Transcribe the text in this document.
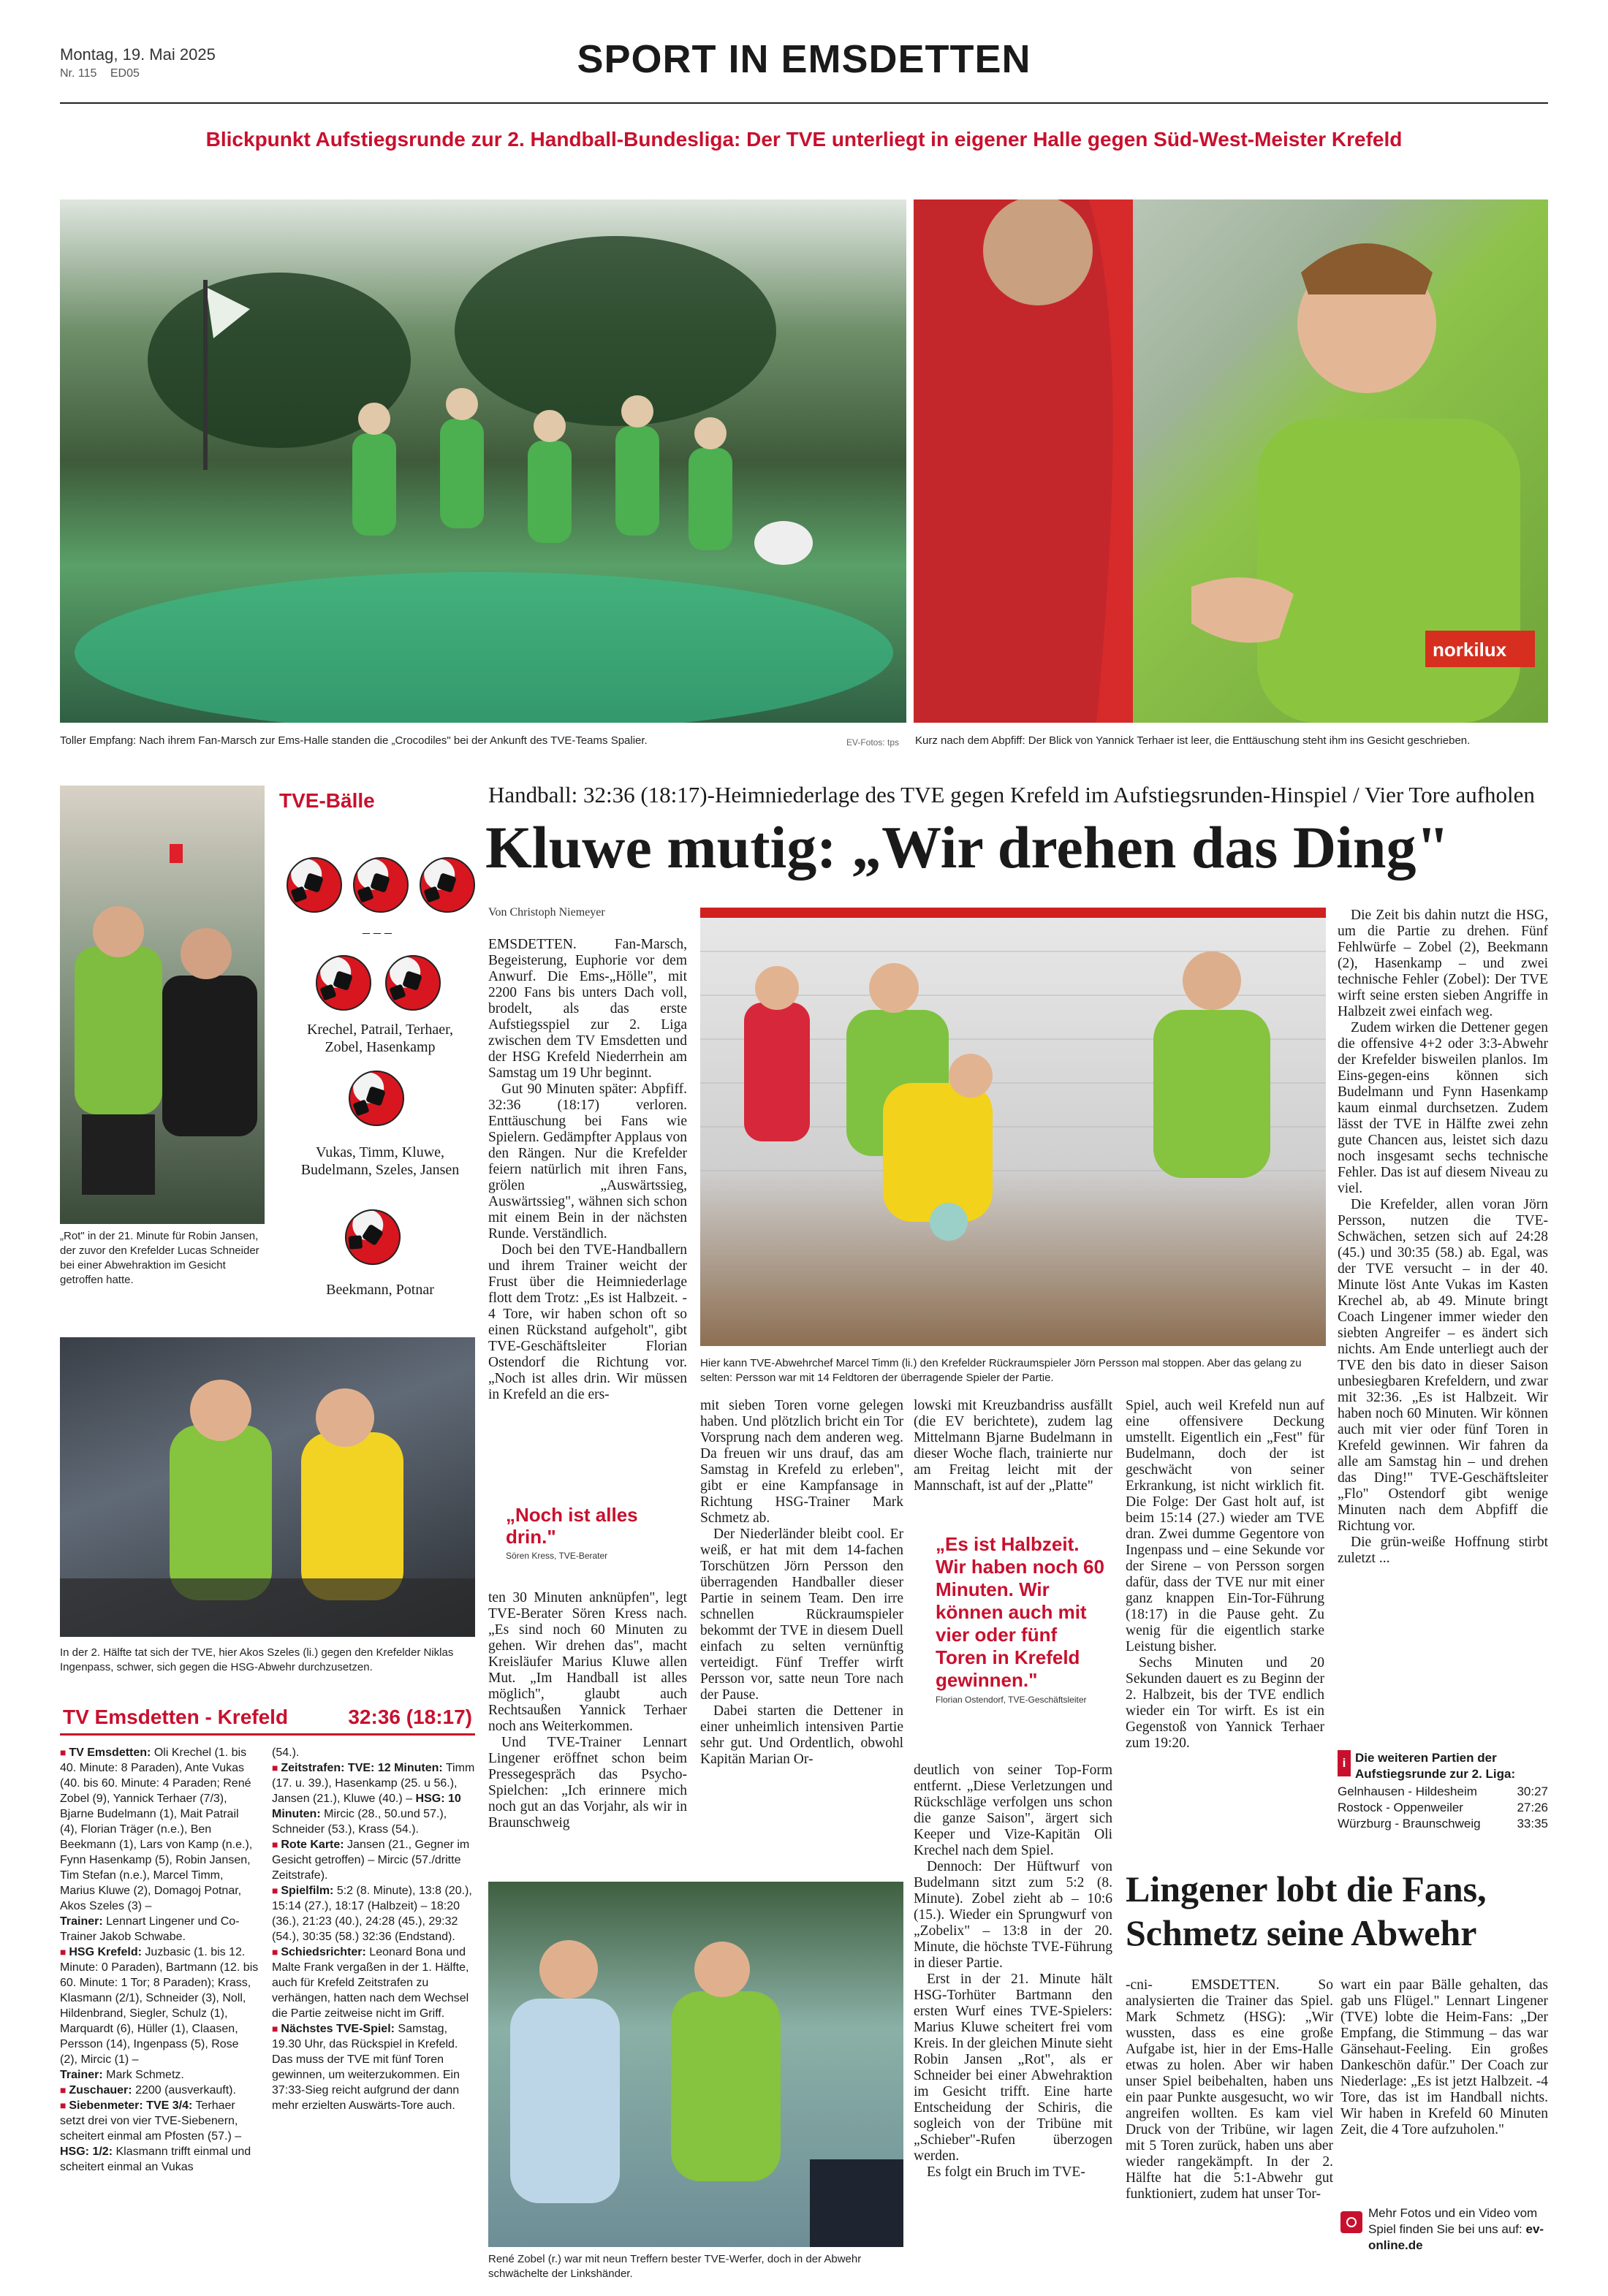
Montag, 19. Mai 2025
Nr. 115 ED05	SPORT IN EMSDETTEN
Blickpunkt Aufstiegsrunde zur 2. Handball-Bundesliga: Der TVE unterliegt in eigener Halle gegen Süd-West-Meister Krefeld
norkilux
Toller Empfang: Nach ihrem Fan-Marsch zur Ems-Halle standen die „Crocodiles" bei der Ankunft des TVE-Teams Spalier.	EV-Fotos: tps Kurz nach dem Abpfiff: Der Blick von Yannick Terhaer ist leer, die Enttäuschung steht ihm ins Gesicht geschrieben.
„Rot" in der 21. Minute für Robin Jansen, der zuvor den Krefelder Lucas Schneider bei einer Abwehraktion im Gesicht getroffen hatte.
TVE-Bälle

– – –

Krechel, Patrail, Terhaer, Zobel, Hasenkamp
Vukas, Timm, Kluwe, Budelmann, Szeles, Jansen
Beekmann, Potnar
In der 2. Hälfte tat sich der TVE, hier Akos Szeles (li.) gegen den Krefelder Niklas Ingenpass, schwer, sich gegen die HSG-Abwehr durchzusetzen.
TV Emsdetten - Krefeld	32:36 (18:17)
■ TV Emsdetten: Oli Krechel (1. bis 40. Minute: 8 Paraden), Ante Vukas (40. bis 60. Minute: 4 Paraden; René Zobel (9), Yannick Terhaer (7/3), Bjarne Budelmann (1), Mait Patrail (4), Florian Träger (n.e.), Ben Beekmann (1), Lars von Kamp (n.e.), Fynn Hasenkamp (5), Robin Jansen, Tim Stefan (n.e.), Marcel Timm, Marius Kluwe (2), Domagoj Potnar, Akos Szeles (3) –
Trainer: Lennart Lingener und Co-Trainer Jakob Schwabe.
■ HSG Krefeld: Juzbasic (1. bis 12. Minute: 0 Paraden), Bartmann (12. bis 60. Minute: 1 Tor; 8 Paraden); Krass, Klasmann (2/1), Schneider (3), Noll, Hildenbrand, Siegler, Schulz (1), Marquardt (6), Hüller (1), Claasen, Persson (14), Ingenpass (5), Rose (2), Mircic (1) –
Trainer: Mark Schmetz.
■ Zuschauer: 2200 (ausverkauft).
■ Siebenmeter: TVE 3/4: Terhaer setzt drei von vier TVE-Siebenern, scheitert einmal am Pfosten (57.) –
HSG: 1/2: Klasmann trifft einmal und scheitert einmal an Vukas
(54.).
■ Zeitstrafen: TVE: 12 Minuten: Timm (17. u. 39.), Hasenkamp (25. u 56.), Jansen (21.), Kluwe (40.) – HSG: 10 Minuten: Mircic (28., 50.und 57.), Schneider (53.), Krass (54.).
■ Rote Karte: Jansen (21., Gegner im Gesicht getroffen) – Mircic (57./dritte Zeitstrafe).
■ Spielfilm: 5:2 (8. Minute), 13:8 (20.), 15:14 (27.), 18:17 (Halbzeit) – 18:20 (36.), 21:23 (40.), 24:28 (45.), 29:32 (54.), 30:35 (58.) 32:36 (Endstand).
■ Schiedsrichter: Leonard Bona und Malte Frank vergaßen in der 1. Hälfte, auch für Krefeld Zeitstrafen zu verhängen, hatten nach dem Wechsel die Partie zeitweise nicht im Griff.
■ Nächstes TVE-Spiel: Samstag, 19.30 Uhr, das Rückspiel in Krefeld. Das muss der TVE mit fünf Toren gewinnen, um weiterzukommen. Ein 37:33-Sieg reicht aufgrund der dann mehr erzielten Auswärts-Tore auch.
Handball: 32:36 (18:17)-Heimniederlage des TVE gegen Krefeld im Aufstiegsrunden-Hinspiel / Vier Tore aufholen
Kluwe mutig: „Wir drehen das Ding"
Von Christoph Niemeyer

EMSDETTEN. Fan-Marsch, Begeisterung, Euphorie vor dem Anwurf. Die Ems-„Hölle", mit 2200 Fans bis unters Dach voll, brodelt, als das erste Aufstiegsspiel zur 2. Liga zwischen dem TV Emsdetten und der HSG Krefeld Niederrhein am Samstag um 19 Uhr beginnt.

Gut 90 Minuten später: Abpfiff. 32:36 (18:17) verloren. Enttäuschung bei Fans wie Spielern. Gedämpfter Applaus von den Rängen. Nur die Krefelder feiern natürlich mit ihren Fans, grölen „Auswärtssieg, Auswärtssieg", wähnen sich schon mit einem Bein in der nächsten Runde. Verständlich.

Doch bei den TVE-Handballern und ihrem Trainer weicht der Frust über die Heimniederlage flott dem Trotz: „Es ist Halbzeit. - 4 Tore, wir haben schon oft so einen Rückstand aufgeholt", gibt TVE-Geschäftsleiter Florian Ostendorf die Richtung vor. „Noch ist alles drin. Wir müssen in Krefeld an die ers-

„Noch ist alles drin."
Sören Kress, TVE-Berater

ten 30 Minuten anknüpfen", legt TVE-Berater Sören Kress nach. „Es sind noch 60 Minuten zu gehen. Wir drehen das", macht Kreisläufer Marius Kluwe allen Mut. „Im Handball ist alles möglich", glaubt auch Rechtsaußen Yannick Terhaer noch ans Weiterkommen.

Und TVE-Trainer Lennart Lingener eröffnet schon beim Pressegespräch das Psycho-Spielchen: „Ich erinnere mich noch gut an das Vorjahr, als wir in Braunschweig

Hier kann TVE-Abwehrchef Marcel Timm (li.) den Krefelder Rückraumspieler Jörn Persson mal stoppen. Aber das gelang zu selten: Persson war mit 14 Feldtoren der überragende Spieler der Partie.

mit sieben Toren vorne gelegen haben. Und plötzlich bricht ein Tor Vorsprung nach dem anderen weg. Da freuen wir uns drauf, das am Samstag in Krefeld zu erleben", gibt er eine Kampfansage in Richtung HSG-Trainer Mark Schmetz ab.

Der Niederländer bleibt cool. Er weiß, er hat mit dem 14-fachen Torschützen Jörn Persson den überragenden Handballer dieser Partie in seinem Team. Den irre schnellen Rückraumspieler bekommt der TVE in diesem Duell einfach zu selten vernünftig verteidigt. Fünf Treffer wirft Persson vor, satte neun Tore nach der Pause.

Dabei starten die Dettener in einer unheimlich intensiven Partie sehr gut. Und Ordentlich, obwohl Kapitän Marian Or-

lowski mit Kreuzbandriss ausfällt (die EV berichtete), zudem lag Mittelmann Bjarne Budelmann in dieser Woche flach, trainierte nur am Freitag leicht mit der Mannschaft, ist auf der „Platte"

„Es ist Halbzeit. Wir haben noch 60 Minuten. Wir können auch mit vier oder fünf Toren in Krefeld gewinnen."
Florian Ostendorf, TVE-Geschäftsleiter

deutlich von seiner Top-Form entfernt. „Diese Verletzungen und Rückschläge verfolgen uns schon die ganze Saison", ärgert sich Keeper und Vize-Kapitän Oli Krechel nach dem Spiel.

Dennoch: Der Hüftwurf von Budelmann sitzt zum 5:2 (8. Minute). Zobel zieht ab – 10:6 (15.). Wieder ein Sprungwurf von „Zobelix" – 13:8 in der 20. Minute, die höchste TVE-Führung in dieser Partie.

Erst in der 21. Minute hält HSG-Torhüter Bartmann den ersten Wurf eines TVE-Spielers: Marius Kluwe scheitert frei vom Kreis. In der gleichen Minute sieht Robin Jansen „Rot", als er Schneider bei einer Abwehraktion im Gesicht trifft. Eine harte Entscheidung der Schiris, die sogleich von der Tribüne mit „Schieber"-Rufen überzogen werden.

Es folgt ein Bruch im TVE-

Spiel, auch weil Krefeld nun auf eine offensivere Deckung umstellt. Eigentlich ein „Fest" für Budelmann, doch der ist geschwächt von seiner Erkrankung, ist nicht wirklich fit. Die Folge: Der Gast holt auf, ist beim 15:14 (27.) wieder am TVE dran. Zwei dumme Gegentore von Ingenpass und – eine Sekunde vor der Sirene – von Persson sorgen dafür, dass der TVE nur mit einer ganz knappen Ein-Tor-Führung (18:17) in die Pause geht. Zu wenig für die eigentlich starke Leistung bisher.

Sechs Minuten und 20 Sekunden dauert es zu Beginn der 2. Halbzeit, bis der TVE endlich wieder ein Tor wirft. Es ist ein Gegenstoß von Yannick Terhaer zum 19:20.

Die Zeit bis dahin nutzt die HSG, um die Partie zu drehen. Fünf Fehlwürfe – Zobel (2), Beekmann (2), Hasenkamp – und zwei technische Fehler (Zobel): Der TVE wirft seine ersten sieben Angriffe in Halbzeit zwei einfach weg.

Zudem wirken die Dettener gegen die offensive 4+2 oder 3:3-Abwehr der Krefelder bisweilen planlos. Im Eins-gegen-eins können sich Budelmann und Fynn Hasenkamp kaum einmal durchsetzen. Zudem lässt der TVE in Hälfte zwei zehn gute Chancen aus, leistet sich dazu noch insgesamt sechs technische Fehler. Das ist auf diesem Niveau zu viel.

Die Krefelder, allen voran Jörn Persson, nutzen die TVE-Schwächen, setzen sich auf 24:28 (45.) und 30:35 (58.) ab. Egal, was der TVE versucht – in der 40. Minute löst Ante Vukas im Kasten Krechel ab, ab 49. Minute bringt Coach Lingener immer wieder den siebten Angreifer – es ändert sich nichts. Am Ende unterliegt auch der TVE den bis dato in dieser Saison unbesiegbaren Krefeldern, und zwar mit 32:36. „Es ist Halbzeit. Wir haben noch 60 Minuten. Wir können auch mit vier oder fünf Toren in Krefeld gewinnen. Wir fahren da alle am Samstag hin – und drehen das Ding!" TVE-Geschäftsleiter „Flo" Ostendorf gibt wenige Minuten nach dem Abpfiff die Richtung vor.

Die grün-weiße Hoffnung stirbt zuletzt ...

i Die weiteren Partien der Aufstiegsrunde zur 2. Liga:
Gelnhausen - Hildesheim	30:27
Rostock - Oppenweiler	27:26
Würzburg - Braunschweig	33:35
René Zobel (r.) war mit neun Treffern bester TVE-Werfer, doch in der Abwehr schwächelte der Linkshänder.
Lingener lobt die Fans,
Schmetz seine Abwehr

-cni- EMSDETTEN. So analysierten die Trainer das Spiel. Mark Schmetz (HSG): „Wir wussten, dass es eine große Aufgabe ist, hier in der Ems-Halle etwas zu holen. Aber wir haben unser Spiel beibehalten, haben uns ein paar Punkte ausgesucht, wo wir angreifen wollten. Es kam viel Druck von der Tribüne, wir lagen mit 5 Toren zurück, haben uns aber wieder rangekämpft. In der 2. Hälfte hat die 5:1-Abwehr gut funktioniert, zudem hat unser Tor-

wart ein paar Bälle gehalten, das gab uns Flügel." Lennart Lingener (TVE) lobte die Heim-Fans: „Der Empfang, die Stimmung – das war Gänsehaut-Feeling. Ein großes Dankeschön dafür." Der Coach zur Niederlage: „Es ist jetzt Halbzeit. -4 Tore, das ist im Handball nichts. Wir haben in Krefeld 60 Minuten Zeit, die 4 Tore aufzuholen."

Mehr Fotos und ein Video vom Spiel finden Sie bei uns auf: ev-online.de
